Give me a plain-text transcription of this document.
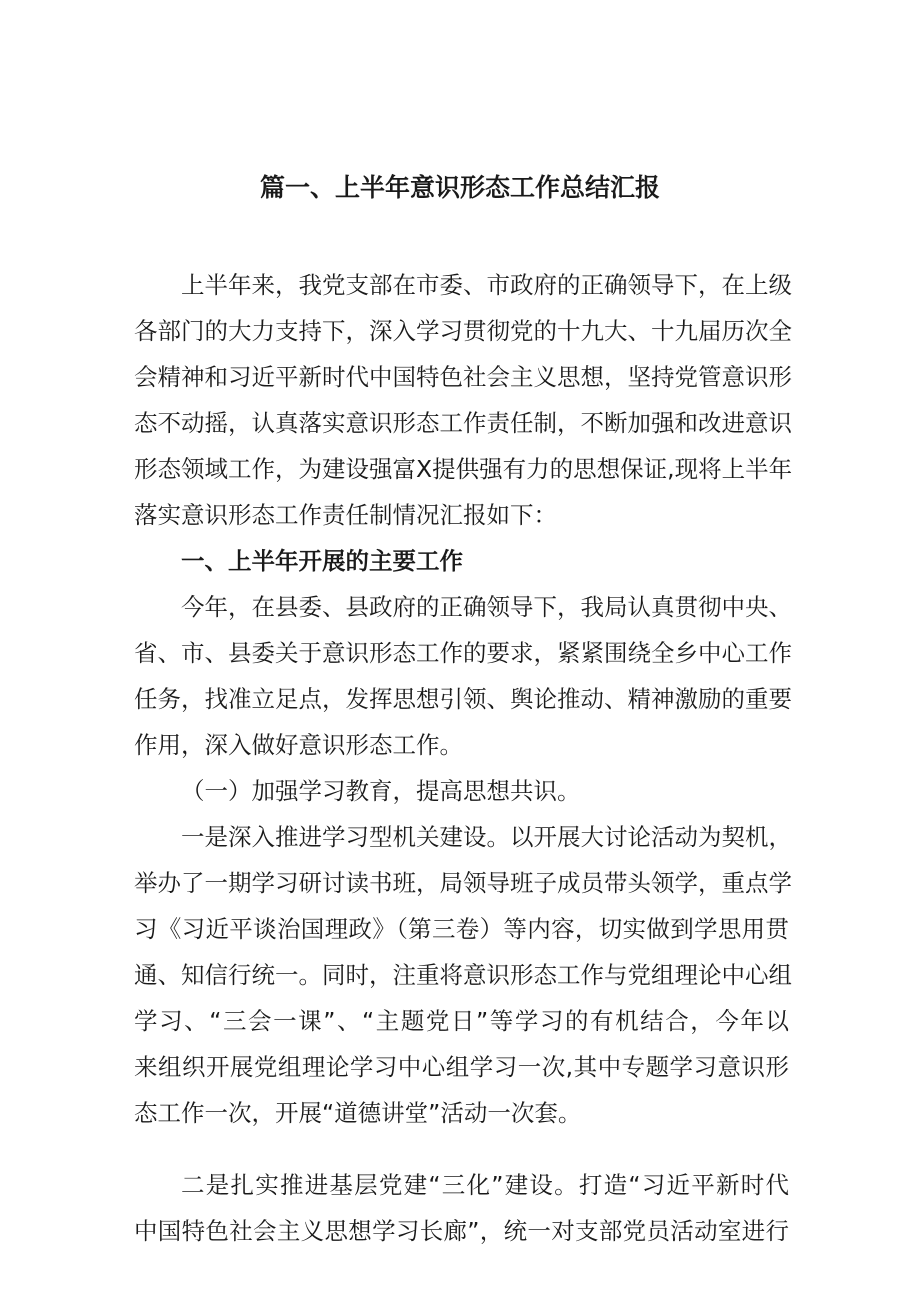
篇一、上半年意识形态工作总结汇报

上半年来，我党支部在市委、市政府的正确领导下，在上级

各部门的大力支持下，深入学习贯彻党的十九大、十九届历次全

会精神和习近平新时代中国特色社会主义思想，坚持党管意识形

态不动摇，认真落实意识形态工作责任制，不断加强和改进意识

形态领域工作，为建设强富X提供强有力的思想保证,现将上半年

落实意识形态工作责任制情况汇报如下：

一、上半年开展的主要工作

今年，在县委、县政府的正确领导下，我局认真贯彻中央、

省、市、县委关于意识形态工作的要求，紧紧围绕全乡中心工作

任务，找准立足点，发挥思想引领、舆论推动、精神激励的重要

作用，深入做好意识形态工作。

（一）加强学习教育，提高思想共识。

一是深入推进学习型机关建设。以开展大讨论活动为契机，

举办了一期学习研讨读书班，局领导班子成员带头领学，重点学

习《习近平谈治国理政》（第三卷）等内容，切实做到学思用贯

通、知信行统一。同时，注重将意识形态工作与党组理论中心组

学习、“三会一课”、“主题党日”等学习的有机结合，今年以

来组织开展党组理论学习中心组学习一次,其中专题学习意识形

态工作一次，开展“道德讲堂”活动一次套。

二是扎实推进基层党建“三化”建设。打造“习近平新时代

中国特色社会主义思想学习长廊”，统一对支部党员活动室进行
